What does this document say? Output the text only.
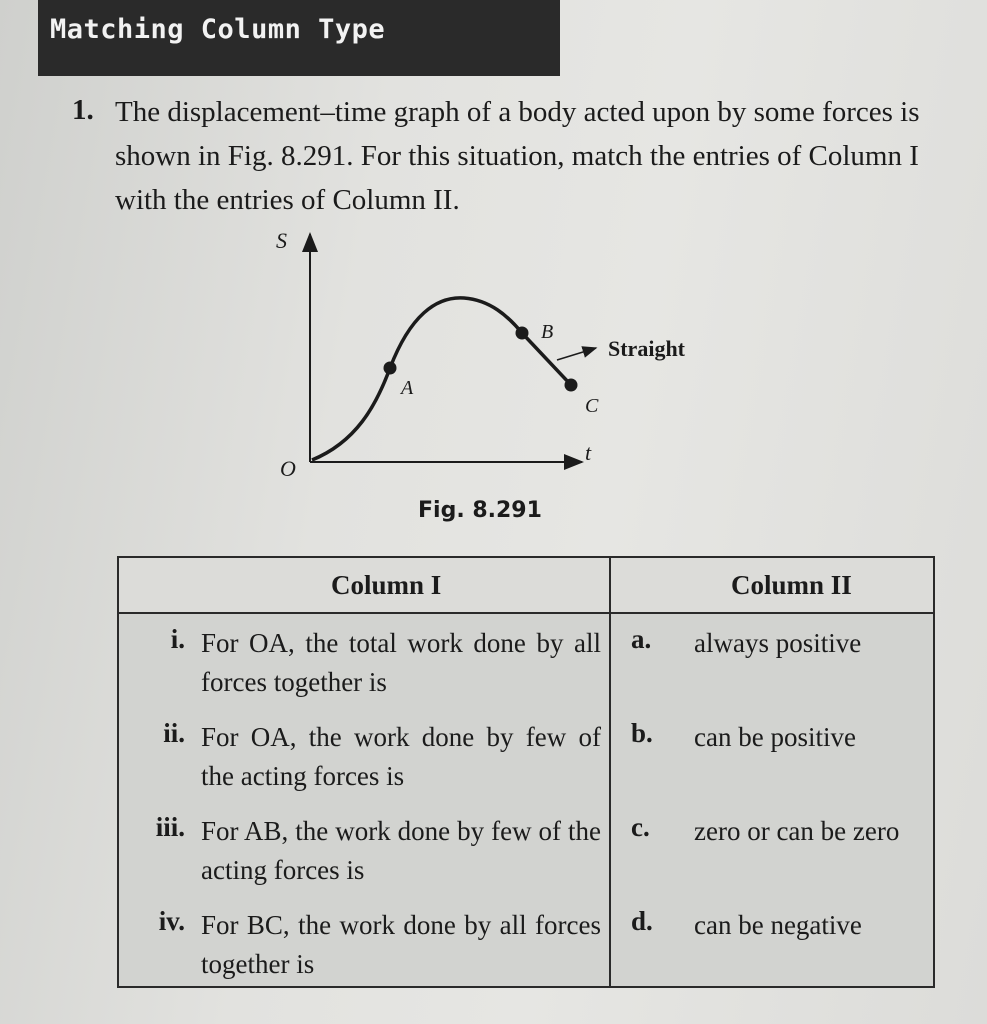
Matching Column Type
1. The displacement–time graph of a body acted upon by some forces is shown in Fig. 8.291. For this situation, match the entries of Column I with the entries of Column II.
S
t
O
A
B
C
Straight
Fig. 8.291
Column I	Column II
i. For OA, the total work done by all forces together is
a. always positive
ii. For OA, the work done by few of the acting forces is
b. can be positive
iii. For AB, the work done by few of the acting forces is
c. zero or can be zero
iv. For BC, the work done by all forces together is
d. can be negative
